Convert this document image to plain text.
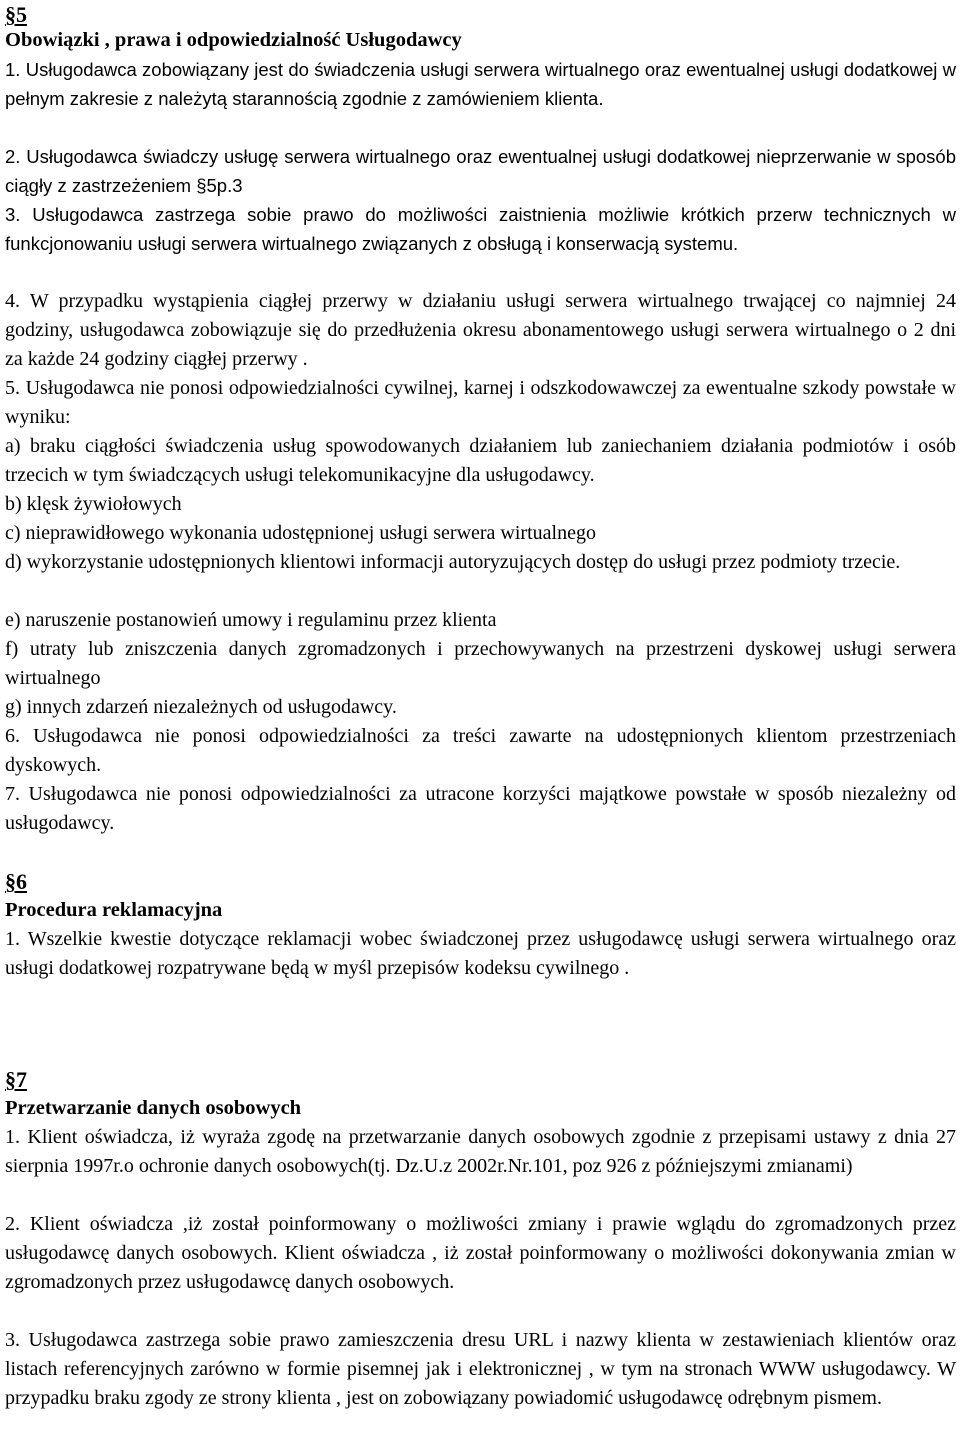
§5
Obowiązki , prawa i odpowiedzialność Usługodawcy
1. Usługodawca zobowiązany jest do świadczenia usługi serwera wirtualnego oraz ewentualnej usługi dodatkowej w pełnym zakresie z należytą starannością zgodnie z zamówieniem klienta.
2. Usługodawca świadczy usługę serwera wirtualnego oraz ewentualnej usługi dodatkowej nieprzerwanie w sposób ciągły z zastrzeżeniem §5p.3
3. Usługodawca zastrzega sobie prawo do możliwości zaistnienia możliwie krótkich przerw technicznych w funkcjonowaniu usługi serwera wirtualnego związanych z obsługą i konserwacją systemu.
4. W przypadku wystąpienia ciągłej przerwy w działaniu usługi serwera wirtualnego trwającej co najmniej 24 godziny, usługodawca zobowiązuje się do przedłużenia okresu abonamentowego usługi serwera wirtualnego o 2 dni za każde 24 godziny ciągłej przerwy .
5. Usługodawca nie ponosi odpowiedzialności cywilnej, karnej i odszkodowawczej za ewentualne szkody powstałe w wyniku:
a) braku ciągłości świadczenia usług spowodowanych działaniem lub zaniechaniem działania podmiotów i osób trzecich w tym świadczących usługi telekomunikacyjne dla usługodawcy.
b) klęsk żywiołowych
c) nieprawidłowego wykonania udostępnionej usługi serwera wirtualnego
d) wykorzystanie udostępnionych klientowi informacji autoryzujących dostęp do usługi przez podmioty trzecie.
e) naruszenie postanowień umowy i regulaminu przez klienta
f) utraty lub zniszczenia danych zgromadzonych i przechowywanych na przestrzeni dyskowej usługi serwera wirtualnego
g) innych zdarzeń niezależnych od usługodawcy.
6. Usługodawca nie ponosi odpowiedzialności za treści zawarte na udostępnionych klientom przestrzeniach dyskowych.
7. Usługodawca nie ponosi odpowiedzialności za utracone korzyści majątkowe powstałe w sposób niezależny od usługodawcy.
§6
Procedura reklamacyjna
1. Wszelkie kwestie dotyczące reklamacji wobec świadczonej przez usługodawcę usługi serwera wirtualnego oraz usługi dodatkowej rozpatrywane będą w myśl przepisów kodeksu cywilnego .
§7
Przetwarzanie danych osobowych
1. Klient oświadcza, iż wyraża zgodę na przetwarzanie danych osobowych zgodnie z przepisami ustawy z dnia 27 sierpnia 1997r.o ochronie danych osobowych(tj. Dz.U.z 2002r.Nr.101, poz 926 z późniejszymi zmianami)
2. Klient oświadcza ,iż został poinformowany o możliwości zmiany i prawie wglądu do zgromadzonych przez usługodawcę danych osobowych. Klient oświadcza , iż został poinformowany o możliwości dokonywania zmian w zgromadzonych przez usługodawcę danych osobowych.
3. Usługodawca zastrzega sobie prawo zamieszczenia dresu URL i nazwy klienta w zestawieniach klientów oraz listach referencyjnych zarówno w formie pisemnej jak i elektronicznej , w tym na stronach WWW usługodawcy. W przypadku braku zgody ze strony klienta , jest on zobowiązany powiadomić usługodawcę odrębnym pismem.
